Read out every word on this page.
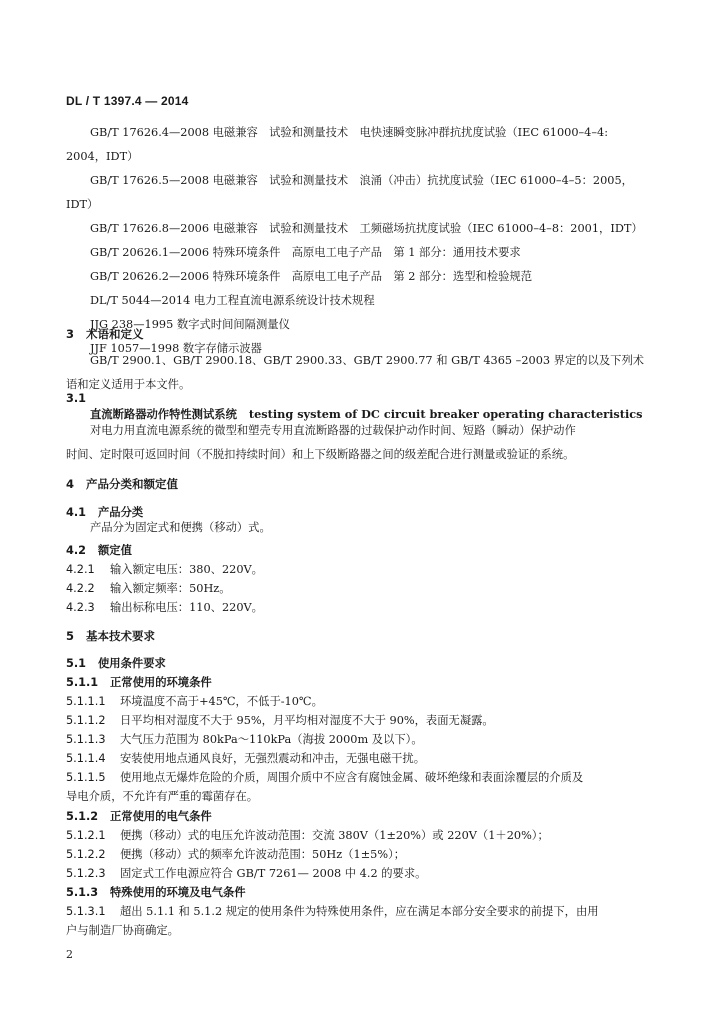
DL / T 1397.4 — 2014
GB/T 17626.4—2008 电磁兼容　试验和测量技术　电快速瞬变脉冲群抗扰度试验（IEC 61000–4–4:
2004，IDT）
GB/T 17626.5—2008 电磁兼容　试验和测量技术　浪涌（冲击）抗扰度试验（IEC 61000–4–5：2005，
IDT）
GB/T 17626.8—2006 电磁兼容　试验和测量技术　工频磁场抗扰度试验（IEC 61000–4–8：2001，IDT）
GB/T 20626.1—2006 特殊环境条件　高原电工电子产品　第 1 部分：通用技术要求
GB/T 20626.2—2006 特殊环境条件　高原电工电子产品　第 2 部分：选型和检验规范
DL/T 5044—2014 电力工程直流电源系统设计技术规程
JJG 238—1995 数字式时间间隔测量仪
JJF 1057—1998 数字存储示波器
3 术语和定义
GB/T 2900.1、GB/T 2900.18、GB/T 2900.33、GB/T 2900.77 和 GB/T 4365 –2003 界定的以及下列术
语和定义适用于本文件。
3.1
直流断路器动作特性测试系统 testing system of DC circuit breaker operating characteristics
对电力用直流电源系统的微型和塑壳专用直流断路器的过载保护动作时间、短路（瞬动）保护动作
时间、定时限可返回时间（不脱扣持续时间）和上下级断路器之间的级差配合进行测量或验证的系统。
4 产品分类和额定值
4.1 产品分类
产品分为固定式和便携（移动）式。
4.2 额定值
4.2.1 输入额定电压：380、220V。
4.2.2 输入额定频率：50Hz。
4.2.3 输出标称电压：110、220V。
5 基本技术要求
5.1 使用条件要求
5.1.1 正常使用的环境条件
5.1.1.1 环境温度不高于+45℃，不低于-10℃。
5.1.1.2 日平均相对湿度不大于 95%，月平均相对湿度不大于 90%，表面无凝露。
5.1.1.3 大气压力范围为 80kPa～110kPa（海拔 2000m 及以下）。
5.1.1.4 安装使用地点通风良好，无强烈震动和冲击，无强电磁干扰。
5.1.1.5 使用地点无爆炸危险的介质，周围介质中不应含有腐蚀金属、破坏绝缘和表面涂覆层的介质及
导电介质，不允许有严重的霉菌存在。
5.1.2 正常使用的电气条件
5.1.2.1 便携（移动）式的电压允许波动范围：交流 380V（1±20%）或 220V（1＋20%）；
5.1.2.2 便携（移动）式的频率允许波动范围：50Hz（1±5%）；
5.1.2.3 固定式工作电源应符合 GB/T 7261— 2008 中 4.2 的要求。
5.1.3 特殊使用的环境及电气条件
5.1.3.1 超出 5.1.1 和 5.1.2 规定的使用条件为特殊使用条件，应在满足本部分安全要求的前提下，由用
户与制造厂协商确定。
2
